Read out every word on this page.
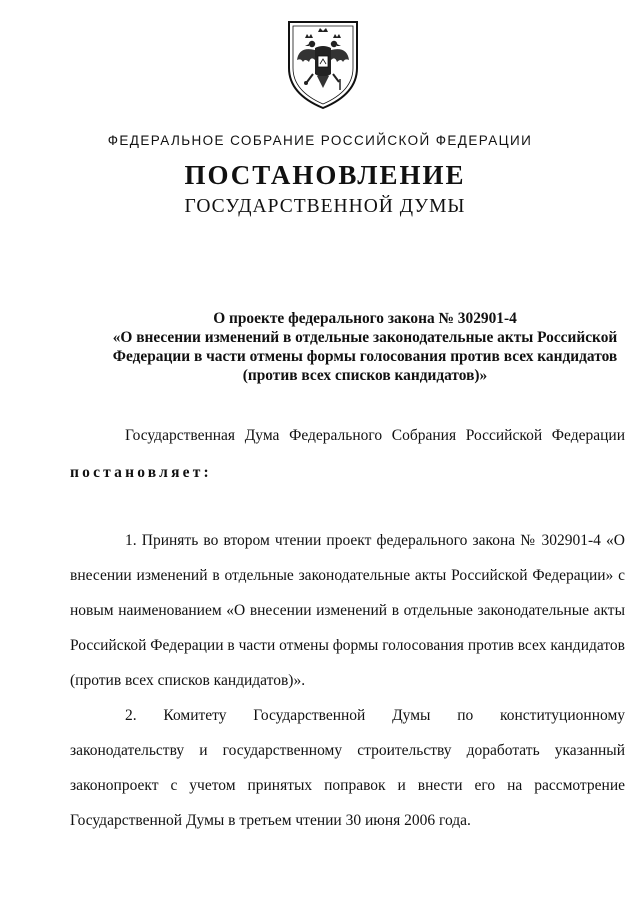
ФЕДЕРАЛЬНОЕ СОБРАНИЕ РОССИЙСКОЙ ФЕДЕРАЦИИ
ПОСТАНОВЛЕНИЕ
ГОСУДАРСТВЕННОЙ ДУМЫ
О проекте федерального закона № 302901-4
«О внесении изменений в отдельные законодательные акты Российской
Федерации в части отмены формы голосования против всех кандидатов
(против всех списков кандидатов)»
Государственная Дума Федерального Собрания Российской Федерации
постановляет:
1. Принять во втором чтении проект федерального закона № 302901-4 «О внесении изменений в отдельные законодательные акты Российской Федерации» с новым наименованием «О внесении изменений в отдельные законодательные акты Российской Федерации в части отмены формы голосования против всех кандидатов (против всех списков кандидатов)».
2. Комитету Государственной Думы по конституционному законодательству и государственному строительству доработать указанный законопроект с учетом принятых поправок и внести его на рассмотрение Государственной Думы в третьем чтении 30 июня 2006 года.
